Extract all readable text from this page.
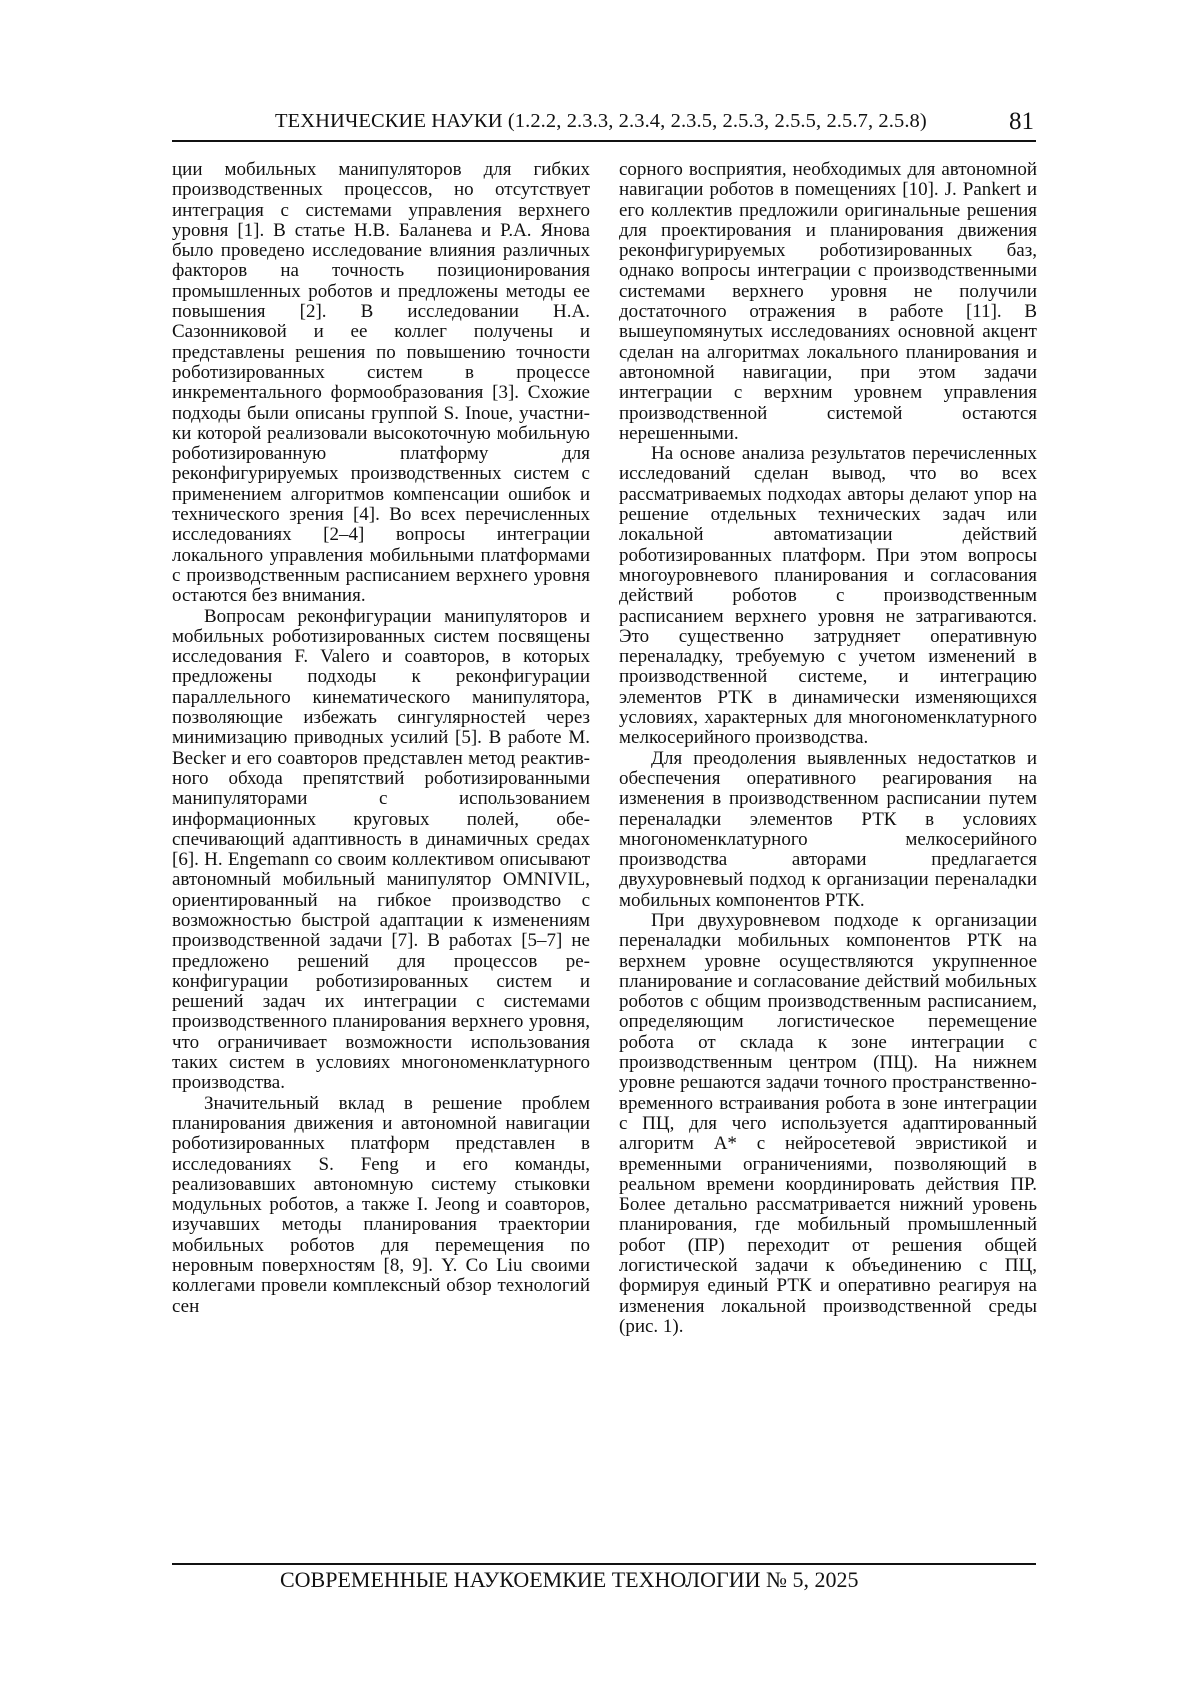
ТЕХНИЧЕСКИЕ НАУКИ (1.2.2, 2.3.3, 2.3.4, 2.3.5, 2.5.3, 2.5.5, 2.5.7, 2.5.8)	81

ции мобильных манипуляторов для гибких производственных процессов, но отсутствует интеграция с системами управления верхнего уровня [1]. В статье Н.В. Баланева и Р.А. Янова было проведено исследование влияния различных факторов на точность позиционирования промышленных роботов и предложены методы ее повышения [2]. В исследовании Н.А. Сазонниковой и ее коллег получены и представлены решения по повышению точности роботизированных систем в процессе инкрементального формообразования [3]. Схожие подходы были описаны группой S. Inoue, участники которой реализовали высокоточную мобильную роботизированную платформу для реконфигурируемых производственных систем с применением алгоритмов компенсации ошибок и технического зрения [4]. Во всех перечисленных исследованиях [2–4] вопросы интеграции локального управления мобильными платформами с производственным расписанием верхнего уровня остаются без внимания.

Вопросам реконфигурации манипуляторов и мобильных роботизированных систем посвящены исследования F. Valero и соавторов, в которых предложены подходы к реконфигурации параллельного кинематического манипулятора, позволяющие избежать сингулярностей через минимизацию приводных усилий [5]. В работе M. Becker и его соавторов представлен метод реактивного обхода препятствий роботизированными манипуляторами с использованием информационных круговых полей, обеспечивающий адаптивность в динамичных средах [6]. H. Engemann со своим коллективом описывают автономный мобильный манипулятор OMNIVIL, ориентированный на гибкое производство с возможностью быстрой адаптации к изменениям производственной задачи [7]. В работах [5–7] не предложено решений для процессов реконфигурации роботизированных систем и решений задач их интеграции с системами производственного планирования верхнего уровня, что ограничивает возможности использования таких систем в условиях многономенклатурного производства.

Значительный вклад в решение проблем планирования движения и автономной навигации роботизированных платформ представлен в исследованиях S. Feng и его команды, реализовавших автономную систему стыковки модульных роботов, а также I. Jeong и соавторов, изучавших методы планирования траектории мобильных роботов для перемещения по неровным поверхностям [8, 9]. Y. Co Liu своими коллегами провели комплексный обзор технологий сен

сорного восприятия, необходимых для автономной навигации роботов в помещениях [10]. J. Pankert и его коллектив предложили оригинальные решения для проектирования и планирования движения реконфигурируемых роботизированных баз, однако вопросы интеграции с производственными системами верхнего уровня не получили достаточного отражения в работе [11]. В вышеупомянутых исследованиях основной акцент сделан на алгоритмах локального планирования и автономной навигации, при этом задачи интеграции с верхним уровнем управления производственной системой остаются нерешенными.

На основе анализа результатов перечисленных исследований сделан вывод, что во всех рассматриваемых подходах авторы делают упор на решение отдельных технических задач или локальной автоматизации действий роботизированных платформ. При этом вопросы многоуровневого планирования и согласования действий роботов с производственным расписанием верхнего уровня не затрагиваются. Это существенно затрудняет оперативную переналадку, требуемую с учетом изменений в производственной системе, и интеграцию элементов РТК в динамически изменяющихся условиях, характерных для многономенклатурного мелкосерийного производства.

Для преодоления выявленных недостатков и обеспечения оперативного реагирования на изменения в производственном расписании путем переналадки элементов РТК в условиях многономенклатурного мелкосерийного производства авторами предлагается двухуровневый подход к организации переналадки мобильных компонентов РТК.

При двухуровневом подходе к организации переналадки мобильных компонентов РТК на верхнем уровне осуществляются укрупненное планирование и согласование действий мобильных роботов с общим производственным расписанием, определяющим логистическое перемещение робота от склада к зоне интеграции с производственным центром (ПЦ). На нижнем уровне решаются задачи точного пространственно-временного встраивания робота в зоне интеграции с ПЦ, для чего используется адаптированный алгоритм A* с нейросетевой эвристикой и временными ограничениями, позволяющий в реальном времени координировать действия ПР. Более детально рассматривается нижний уровень планирования, где мобильный промышленный робот (ПР) переходит от решения общей логистической задачи к объединению с ПЦ, формируя единый РТК и оперативно реагируя на изменения локальной производственной среды (рис. 1).

СОВРЕМЕННЫЕ НАУКОЕМКИЕ ТЕХНОЛОГИИ № 5, 2025
